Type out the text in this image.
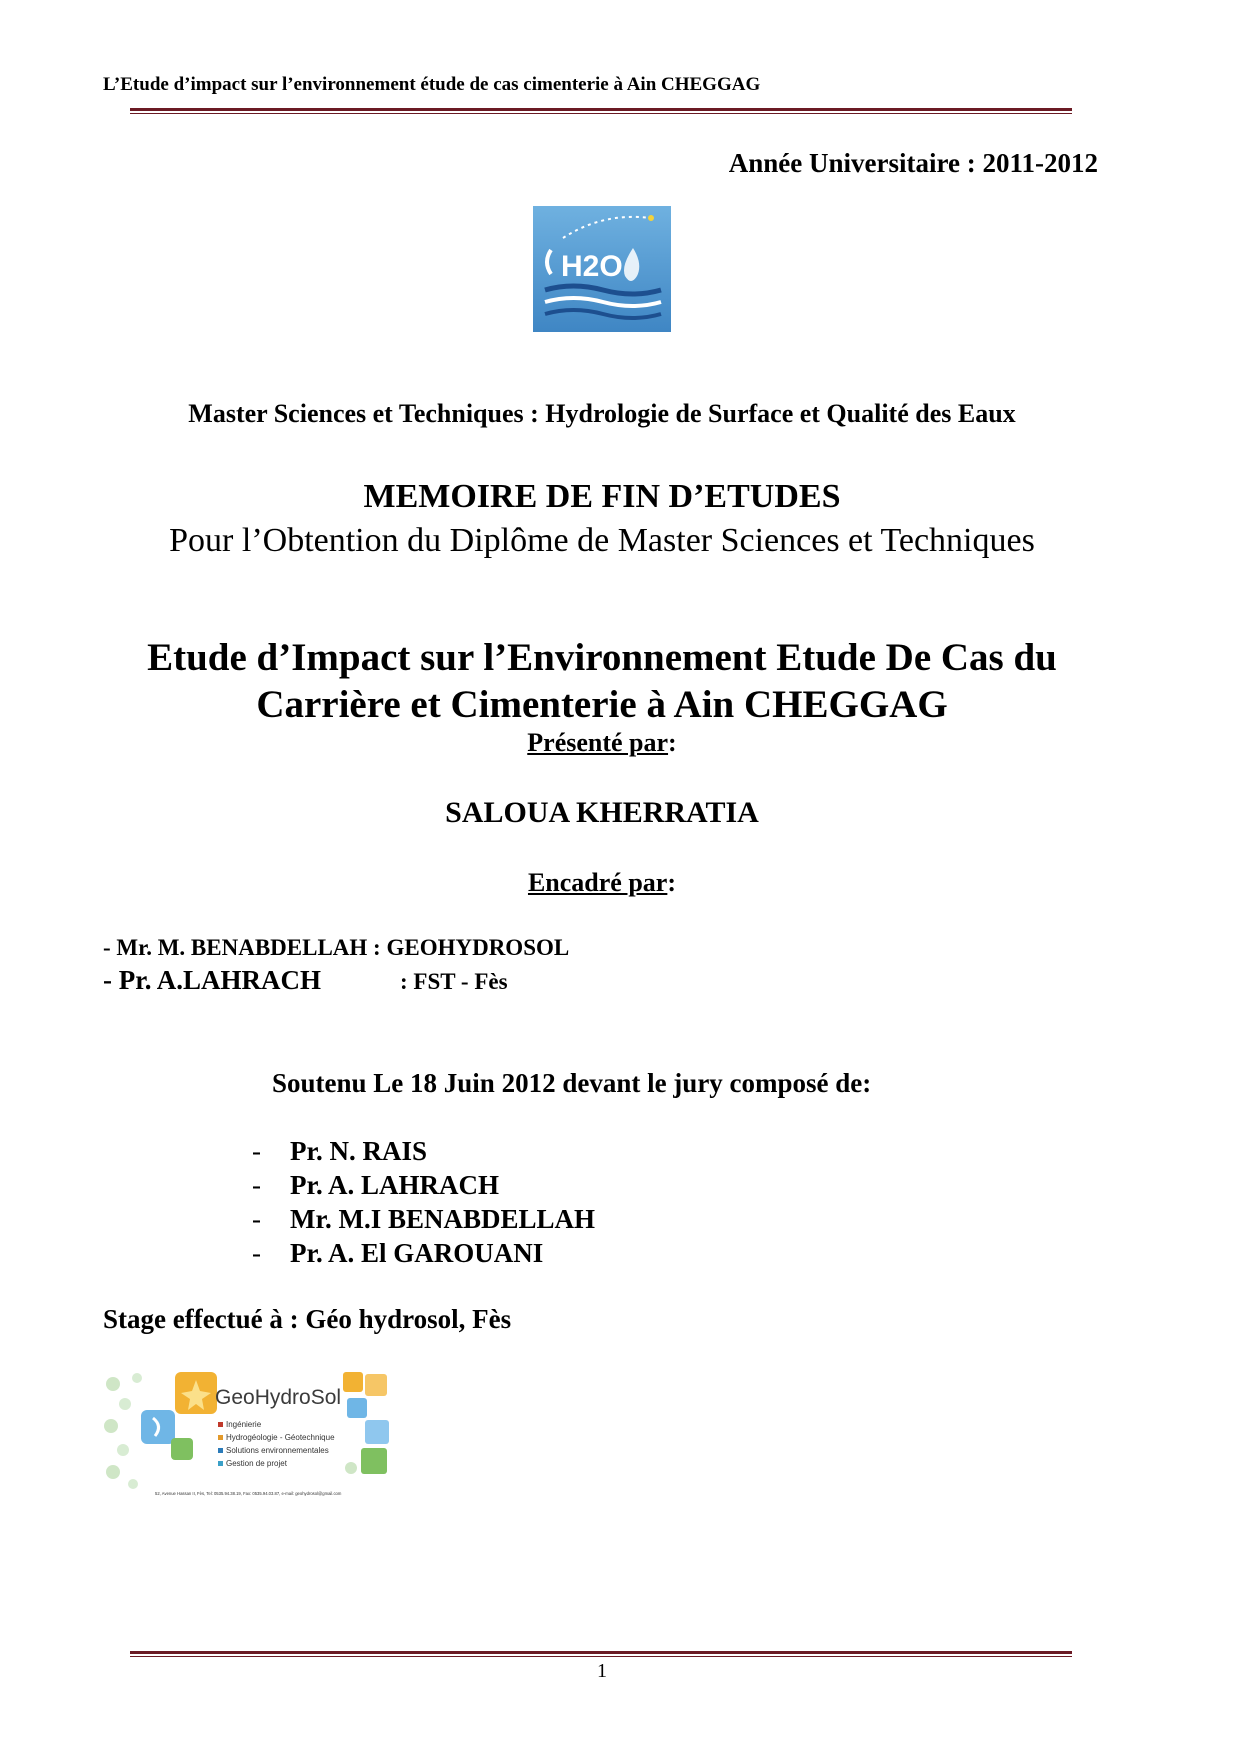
L’Etude d’impact sur l’environnement étude de cas cimenterie à Ain CHEGGAG
Année Universitaire : 2011-2012
H2O
Master Sciences et Techniques : Hydrologie de Surface et Qualité des Eaux
MEMOIRE DE FIN D’ETUDES
Pour l’Obtention du Diplôme de Master Sciences et Techniques
Etude d’Impact sur l’Environnement Etude De Cas du
Carrière et Cimenterie à Ain CHEGGAG
Présenté par:
SALOUA KHERRATIA
Encadré par:
- Mr. M. BENABDELLAH : GEOHYDROSOL
- Pr. A.LAHRACH	: FST - Fès
Soutenu Le 18 Juin 2012 devant le jury composé de:
- Pr. N. RAIS
- Pr. A. LAHRACH
- Mr. M.I BENABDELLAH
- Pr. A. El GAROUANI
Stage effectué à : Géo hydrosol, Fès
GeoHydroSol
Ingénierie
Hydrogéologie - Géotechnique
Solutions environnementales
Gestion de projet
52, Avenue Hassan II, Fès, Tel: 0535.94.38.19, Fax: 0535.94.03.87, e-mail: geohydrosol@gmail.com
1
